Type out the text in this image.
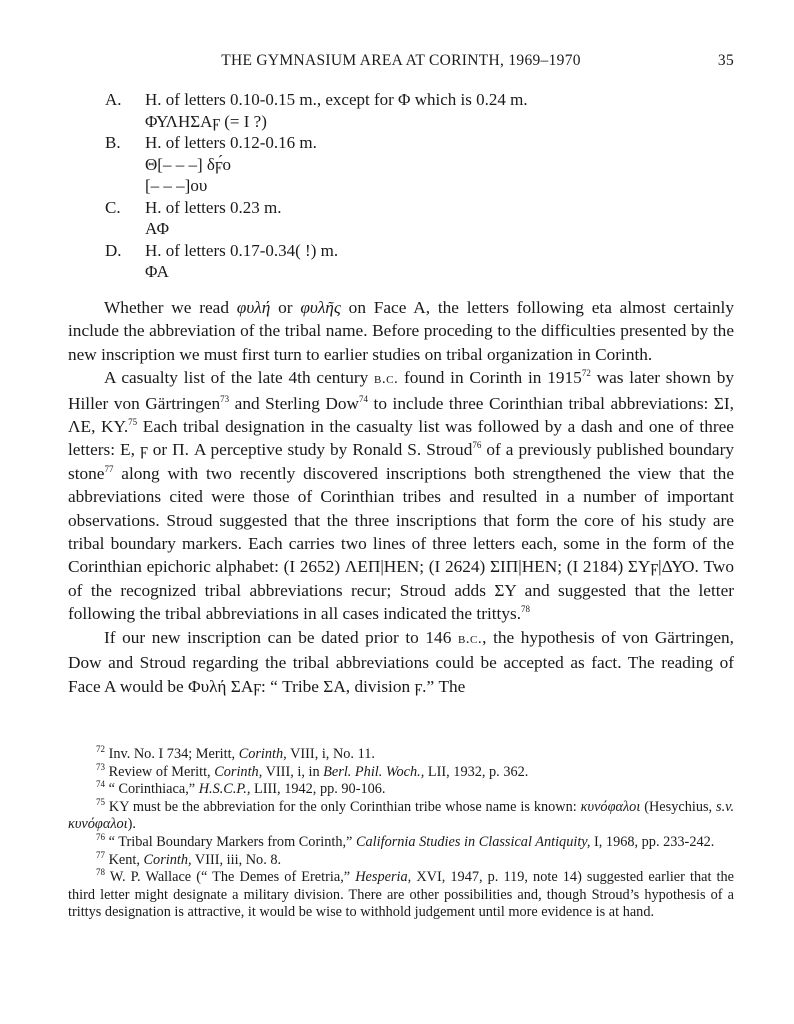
THE GYMNASIUM AREA AT CORINTH, 1969–1970	35
A. H. of letters 0.10-0.15 m., except for Φ which is 0.24 m.
ΦΥΛΗΣΑϝ (= Ι ?)
B. H. of letters 0.12-0.16 m.
Θ[– – –] δϝ́ο
[– – –]ου
C. H. of letters 0.23 m.
ΑΦ
D. H. of letters 0.17-0.34( !) m.
ΦΑ

Whether we read φυλή or φυλῆς on Face A, the letters following eta almost certainly include the abbreviation of the tribal name. Before proceding to the difficulties presented by the new inscription we must first turn to earlier studies on tribal organization in Corinth.

A casualty list of the late 4th century b.c. found in Corinth in 1915$^{72}$ was later shown by Hiller von Gärtringen$^{73}$ and Sterling Dow$^{74}$ to include three Corinthian tribal abbreviations: ΣΙ, ΛΕ, ΚΥ.$^{75}$ Each tribal designation in the casualty list was followed by a dash and one of three letters: Ε, ϝ or Π. A perceptive study by Ronald S. Stroud$^{76}$ of a previously published boundary stone$^{77}$ along with two recently discovered inscriptions both strengthened the view that the abbreviations cited were those of Corinthian tribes and resulted in a number of important observations. Stroud suggested that the three inscriptions that form the core of his study are tribal boundary markers. Each carries two lines of three letters each, some in the form of the Corinthian epichoric alphabet: (I 2652) ΛΕΠ|ΗΕΝ; (I 2624) ΣΙΠ|ΗΕΝ; (I 2184) ΣΥϝ|ΔΥΟ. Two of the recognized tribal abbreviations recur; Stroud adds ΣΥ and suggested that the letter following the tribal abbreviations in all cases indicated the trittys.$^{78}$

If our new inscription can be dated prior to 146 b.c., the hypothesis of von Gärtringen, Dow and Stroud regarding the tribal abbreviations could be accepted as fact. The reading of Face A would be Φυλή ΣΑϝ: “ Tribe ΣΑ, division ϝ.” The

$^{72}$ Inv. No. I 734; Meritt, Corinth, VIII, i, No. 11.

$^{73}$ Review of Meritt, Corinth, VIII, i, in Berl. Phil. Woch., LII, 1932, p. 362.

$^{74}$ “ Corinthiaca,” H.S.C.P., LIII, 1942, pp. 90-106.

$^{75}$ ΚΥ must be the abbreviation for the only Corinthian tribe whose name is known: κυνόφαλοι (Hesychius, s.v. κυνόφαλοι).

$^{76}$ “ Tribal Boundary Markers from Corinth,” California Studies in Classical Antiquity, I, 1968, pp. 233-242.

$^{77}$ Kent, Corinth, VIII, iii, No. 8.

$^{78}$ W. P. Wallace (“ The Demes of Eretria,” Hesperia, XVI, 1947, p. 119, note 14) suggested earlier that the third letter might designate a military division. There are other possibilities and, though Stroud’s hypothesis of a trittys designation is attractive, it would be wise to withhold judgement until more evidence is at hand.
